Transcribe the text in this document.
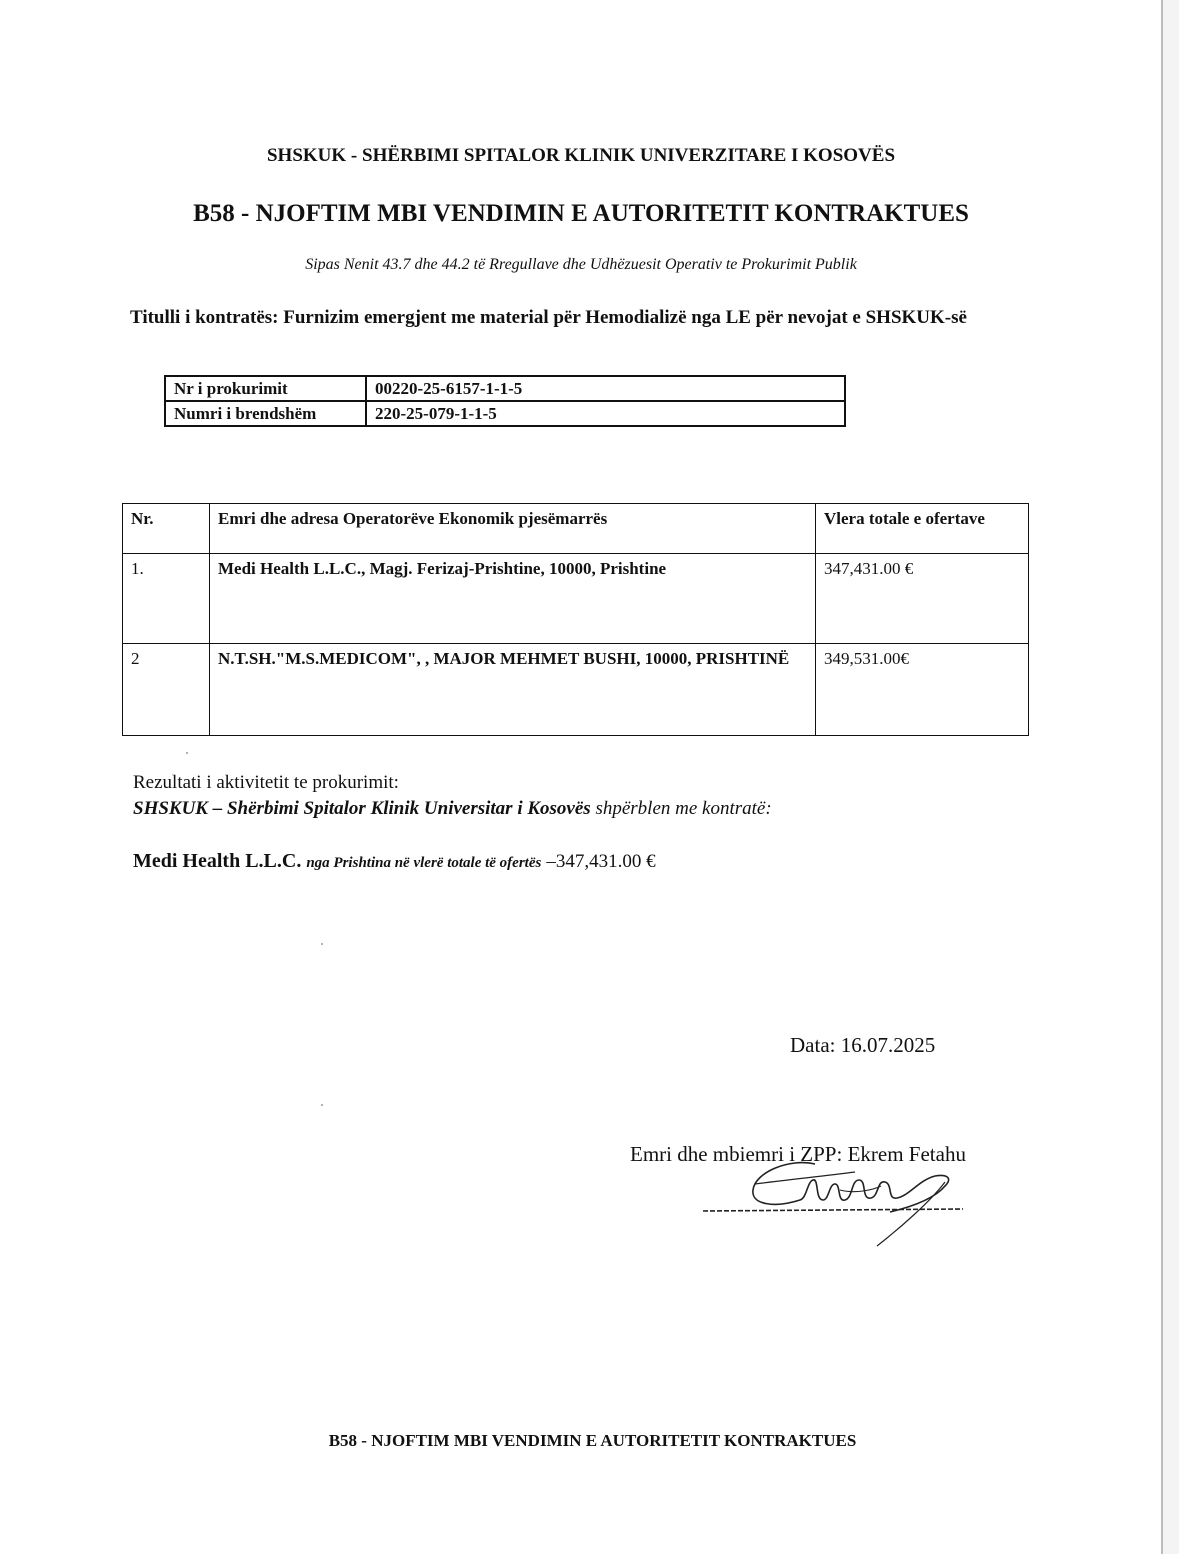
SHSKUK - SHËRBIMI SPITALOR KLINIK UNIVERZITARE I KOSOVËS
B58 - NJOFTIM MBI VENDIMIN E AUTORITETIT KONTRAKTUES
Sipas Nenit 43.7 dhe 44.2 të Rregullave dhe Udhëzuesit Operativ te Prokurimit Publik
Titulli i kontratës: Furnizim emergjent me material për Hemodializë nga LE për nevojat e SHSKUK-së
Nr i prokurimit	00220-25-6157-1-1-5
Numri i brendshëm	220-25-079-1-1-5
Nr.	Emri dhe adresa Operatorëve Ekonomik pjesëmarrës	Vlera totale e ofertave
1.	Medi Health L.L.C., Magj. Ferizaj-Prishtine, 10000, Prishtine	347,431.00 €
2	N.T.SH."M.S.MEDICOM", , MAJOR MEHMET BUSHI, 10000, PRISHTINË	349,531.00€
Rezultati i aktivitetit te prokurimit:
SHSKUK – Shërbimi Spitalor Klinik Universitar i Kosovës shpërblen me kontratë:
Medi Health L.L.C. nga Prishtina në vlerë totale të ofertës –347,431.00 €
Data: 16.07.2025
Emri dhe mbiemri i ZPP: Ekrem Fetahu
B58 - NJOFTIM MBI VENDIMIN E AUTORITETIT KONTRAKTUES
